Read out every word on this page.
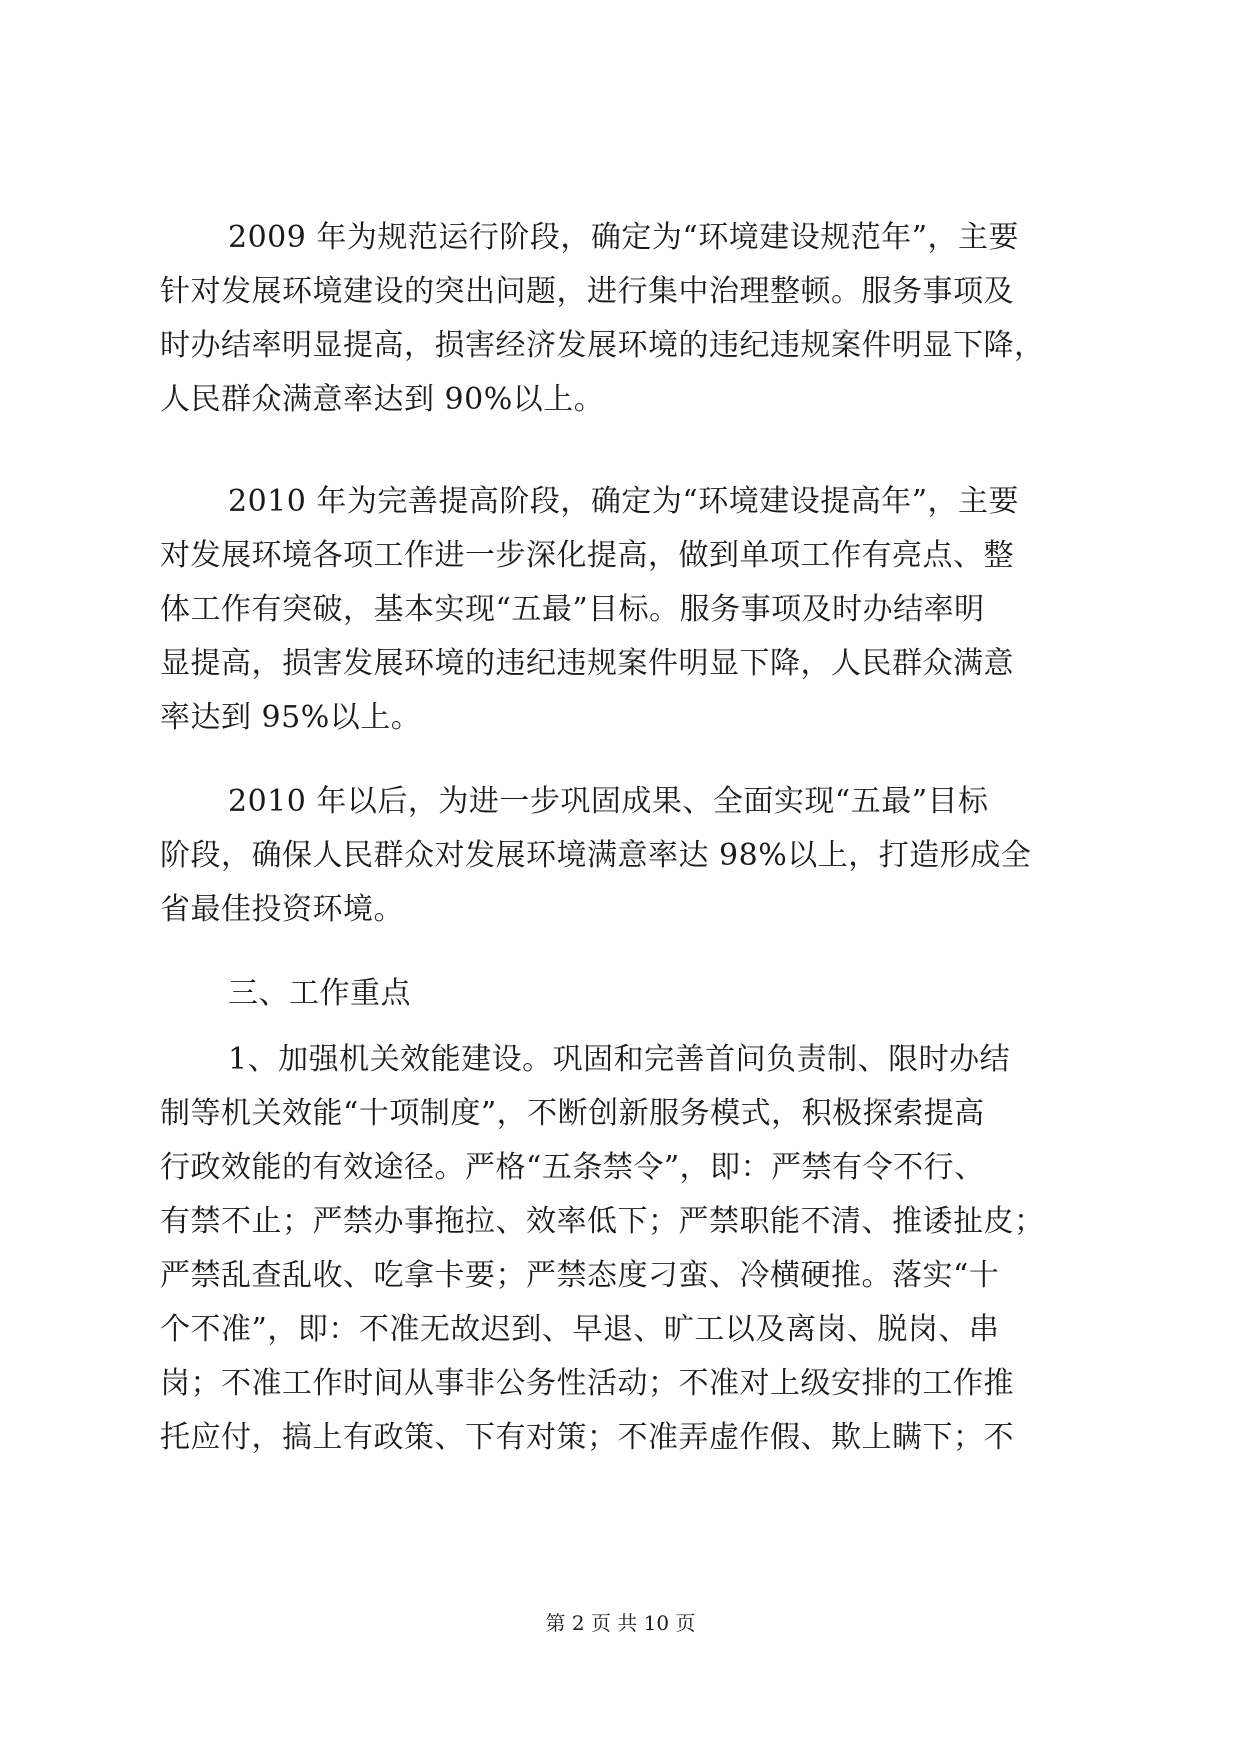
2009 年为规范运行阶段，确定为“环境建设规范年”，主要
针对发展环境建设的突出问题，进行集中治理整顿。服务事项及
时办结率明显提高，损害经济发展环境的违纪违规案件明显下降，
人民群众满意率达到 90%以上。
2010 年为完善提高阶段，确定为“环境建设提高年”，主要
对发展环境各项工作进一步深化提高，做到单项工作有亮点、整
体工作有突破，基本实现“五最”目标。服务事项及时办结率明
显提高，损害发展环境的违纪违规案件明显下降，人民群众满意
率达到 95%以上。
2010 年以后，为进一步巩固成果、全面实现“五最”目标
阶段，确保人民群众对发展环境满意率达 98%以上，打造形成全
省最佳投资环境。
三、工作重点
1、加强机关效能建设。巩固和完善首问负责制、限时办结
制等机关效能“十项制度”，不断创新服务模式，积极探索提高
行政效能的有效途径。严格“五条禁令”，即：严禁有令不行、
有禁不止；严禁办事拖拉、效率低下；严禁职能不清、推诿扯皮；
严禁乱查乱收、吃拿卡要；严禁态度刁蛮、冷横硬推。落实“十
个不准”，即：不准无故迟到、早退、旷工以及离岗、脱岗、串
岗；不准工作时间从事非公务性活动；不准对上级安排的工作推
托应付，搞上有政策、下有对策；不准弄虚作假、欺上瞒下；不
第 2 页 共 10 页
